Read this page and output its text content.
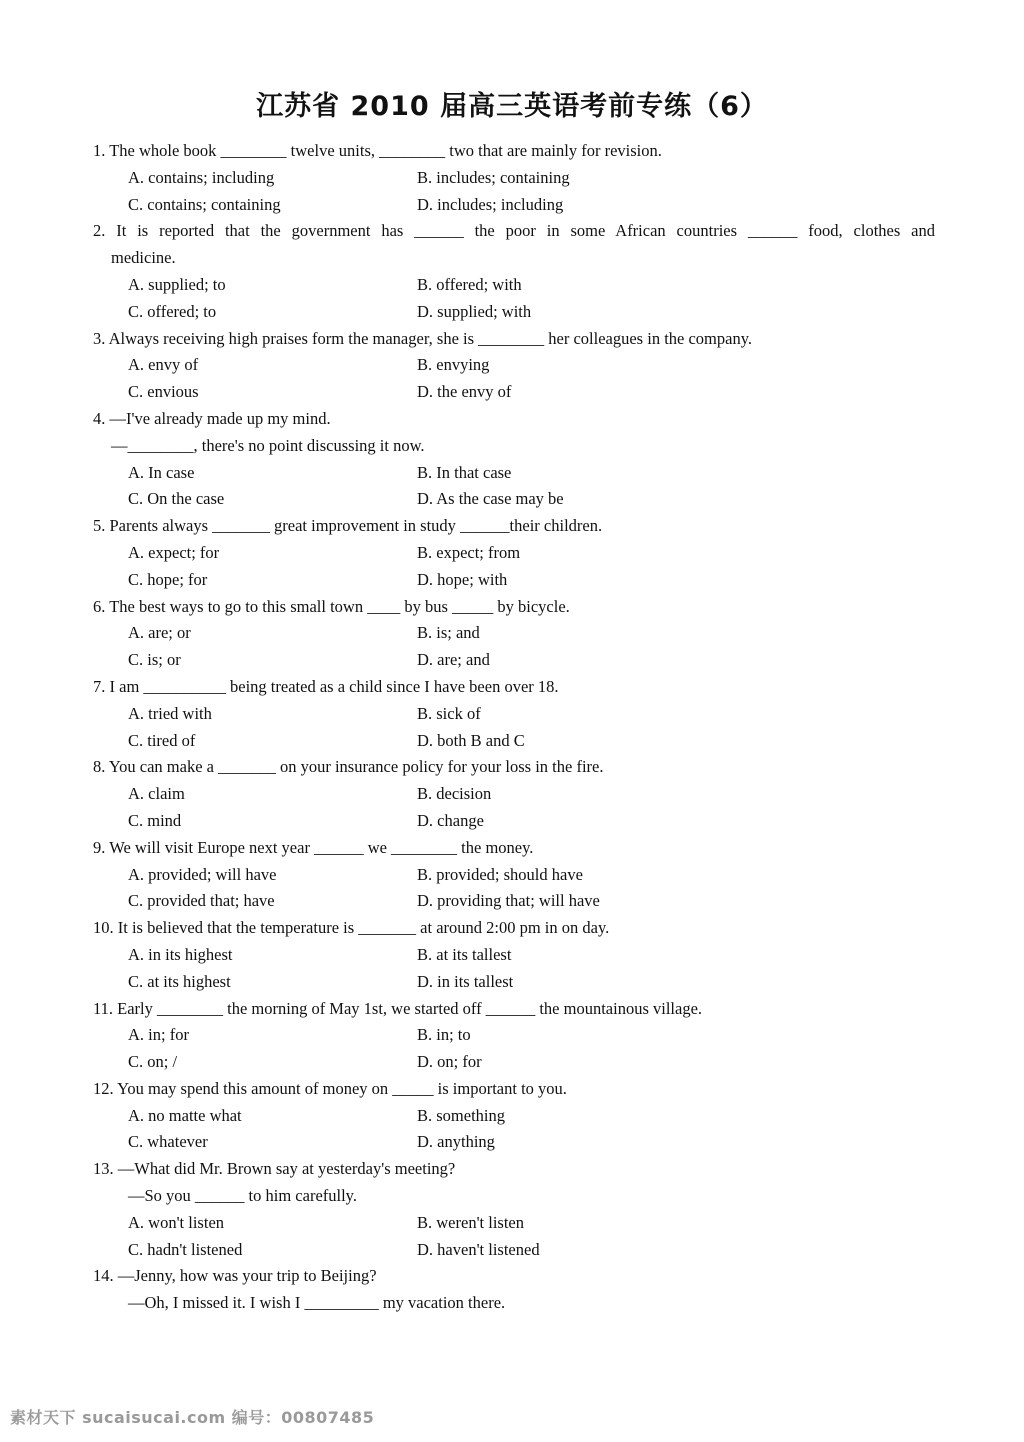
江苏省 2010 届高三英语考前专练（6）
1. The whole book ________ twelve units, ________ two that are mainly for revision.
A. contains; including	B. includes; containing
C. contains; containing	D. includes; including
2. It is reported that the government has ______ the poor in some African countries ______ food, clothes and
medicine.
A. supplied; to	B. offered; with
C. offered; to	D. supplied; with
3. Always receiving high praises form the manager, she is ________ her colleagues in the company.
A. envy of	B. envying
C. envious	D. the envy of
4. —I've already made up my mind.
—________, there's no point discussing it now.
A. In case	B. In that case
C. On the case	D. As the case may be
5. Parents always _______ great improvement in study ______their children.
A. expect; for	B. expect; from
C. hope; for	D. hope; with
6. The best ways to go to this small town ____ by bus _____ by bicycle.
A. are; or	B. is; and
C. is; or	D. are; and
7. I am __________ being treated as a child since I have been over 18.
A. tried with	B. sick of
C. tired of	D. both B and C
8. You can make a _______ on your insurance policy for your loss in the fire.
A. claim	B. decision
C. mind	D. change
9. We will visit Europe next year ______ we ________ the money.
A. provided; will have	B. provided; should have
C. provided that; have	D. providing that; will have
10. It is believed that the temperature is _______ at around 2:00 pm in on day.
A. in its highest	B. at its tallest
C. at its highest	D. in its tallest
11. Early ________ the morning of May 1st, we started off ______ the mountainous village.
A. in; for	B. in; to
C. on; /	D. on; for
12. You may spend this amount of money on _____ is important to you.
A. no matte what	B. something
C. whatever	D. anything
13. —What did Mr. Brown say at yesterday's meeting?
—So you ______ to him carefully.
A. won't listen	B. weren't listen
C. hadn't listened	D. haven't listened
14. —Jenny, how was your trip to Beijing?
—Oh, I missed it. I wish I _________ my vacation there.
素材天下 sucaisucai.com 编号：00807485
